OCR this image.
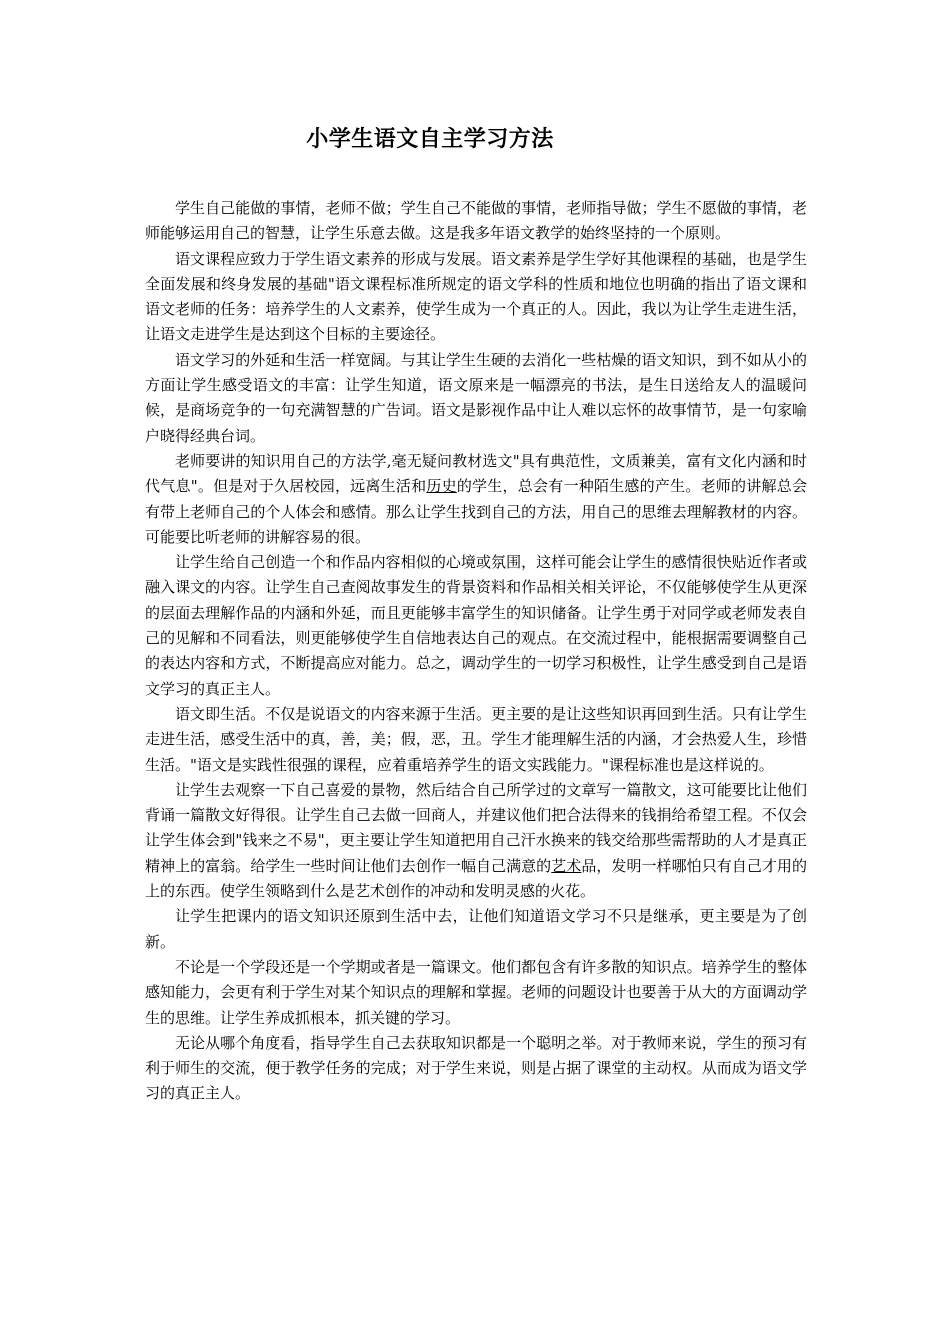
小学生语文自主学习方法

学生自己能做的事情，老师不做；学生自己不能做的事情，老师指导做；学生不愿做的事情，老师能够运用自己的智慧，让学生乐意去做。这是我多年语文教学的始终坚持的一个原则。

语文课程应致力于学生语文素养的形成与发展。语文素养是学生学好其他课程的基础，也是学生全面发展和终身发展的基础"语文课程标准所规定的语文学科的性质和地位也明确的指出了语文课和语文老师的任务：培养学生的人文素养，使学生成为一个真正的人。因此，我以为让学生走进生活，让语文走进学生是达到这个目标的主要途径。

语文学习的外延和生活一样宽阔。与其让学生生硬的去消化一些枯燥的语文知识，到不如从小的方面让学生感受语文的丰富：让学生知道，语文原来是一幅漂亮的书法，是生日送给友人的温暖问候，是商场竞争的一句充满智慧的广告词。语文是影视作品中让人难以忘怀的故事情节，是一句家喻户晓得经典台词。

老师要讲的知识用自己的方法学,毫无疑问教材选文"具有典范性，文质兼美，富有文化内涵和时代气息"。但是对于久居校园，远离生活和历史的学生，总会有一种陌生感的产生。老师的讲解总会有带上老师自己的个人体会和感情。那么让学生找到自己的方法，用自己的思维去理解教材的内容。可能要比听老师的讲解容易的很。

让学生给自己创造一个和作品内容相似的心境或氛围，这样可能会让学生的感情很快贴近作者或融入课文的内容。让学生自己查阅故事发生的背景资料和作品相关相关评论，不仅能够使学生从更深的层面去理解作品的内涵和外延，而且更能够丰富学生的知识储备。让学生勇于对同学或老师发表自己的见解和不同看法，则更能够使学生自信地表达自己的观点。在交流过程中，能根据需要调整自己的表达内容和方式，不断提高应对能力。总之，调动学生的一切学习积极性，让学生感受到自己是语文学习的真正主人。

语文即生活。不仅是说语文的内容来源于生活。更主要的是让这些知识再回到生活。只有让学生走进生活，感受生活中的真，善，美；假，恶，丑。学生才能理解生活的内涵，才会热爱人生，珍惜生活。"语文是实践性很强的课程，应着重培养学生的语文实践能力。"课程标准也是这样说的。

让学生去观察一下自己喜爱的景物，然后结合自己所学过的文章写一篇散文，这可能要比让他们背诵一篇散文好得很。让学生自己去做一回商人，并建议他们把合法得来的钱捐给希望工程。不仅会让学生体会到"钱来之不易"，更主要让学生知道把用自己汗水换来的钱交给那些需帮助的人才是真正精神上的富翁。给学生一些时间让他们去创作一幅自己满意的艺术品，发明一样哪怕只有自己才用的上的东西。使学生领略到什么是艺术创作的冲动和发明灵感的火花。

让学生把课内的语文知识还原到生活中去，让他们知道语文学习不只是继承，更主要是为了创新。

不论是一个学段还是一个学期或者是一篇课文。他们都包含有许多散的知识点。培养学生的整体感知能力，会更有利于学生对某个知识点的理解和掌握。老师的问题设计也要善于从大的方面调动学生的思维。让学生养成抓根本，抓关键的学习。

无论从哪个角度看，指导学生自己去获取知识都是一个聪明之举。对于教师来说，学生的预习有利于师生的交流，便于教学任务的完成；对于学生来说，则是占据了课堂的主动权。从而成为语文学习的真正主人。
